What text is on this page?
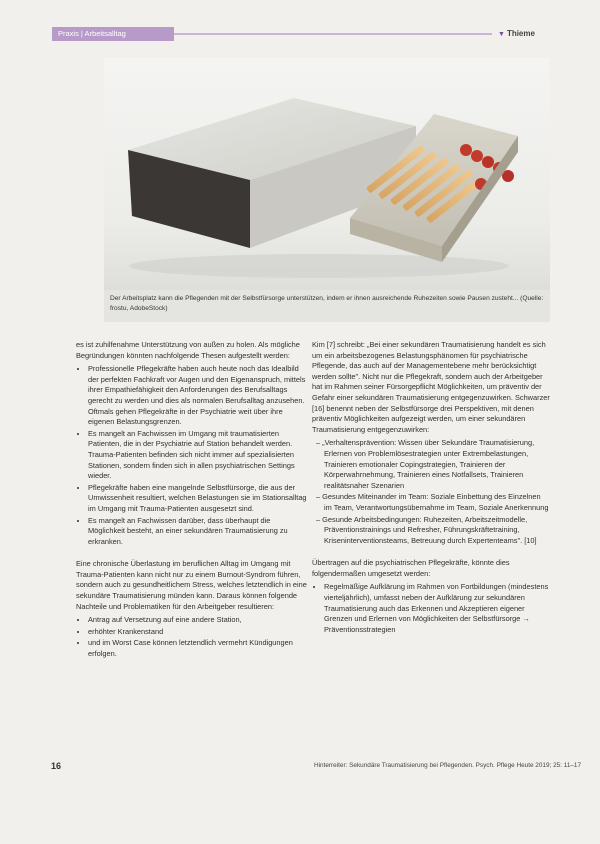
Praxis | Arbeitsalltag	▼ Thieme
Der Arbeitsplatz kann die Pflegenden mit der Selbstfürsorge unterstützen, indem er ihnen ausreichende Ruhezeiten sowie Pausen zusteht... (Quelle: frostu, AdobeStock)

es ist zuhilfenahme Unterstützung von außen zu holen. Als mögliche Begründungen könnten nachfolgende Thesen aufgestellt werden:

• Professionelle Pflegekräfte haben auch heute noch das Idealbild der perfekten Fachkraft vor Augen und den Eigenanspruch, mittels ihrer Empathiefähigkeit den Anforderungen des Berufsalltags gerecht zu werden und dies als normalen Berufsalltag anzusehen. Oftmals gehen Pflegekräfte in der Psychiatrie weit über ihre eigenen Belastungsgrenzen.
• Es mangelt an Fachwissen im Umgang mit traumatisierten Patienten, die in der Psychiatrie auf Station behandelt werden. Trauma-Patienten befinden sich nicht immer auf spezialisierten Stationen, sondern finden sich in allen psychiatrischen Settings wieder.
• Pflegekräfte haben eine mangelnde Selbstfürsorge, die aus der Umwissenheit resultiert, welchen Belastungen sie im Stationsalltag im Umgang mit Trauma-Patienten ausgesetzt sind.
• Es mangelt an Fachwissen darüber, dass überhaupt die Möglichkeit besteht, an einer sekundären Traumatisierung zu erkranken.

Eine chronische Überlastung im beruflichen Alltag im Umgang mit Trauma-Patienten kann nicht nur zu einem Burnout-Syndrom führen, sondern auch zu gesundheitlichem Stress, welches letztendlich in eine sekundäre Traumatisierung münden kann. Daraus können folgende Nachteile und Problematiken für den Arbeitgeber resultieren:

• Antrag auf Versetzung auf eine andere Station,
• erhöhter Krankenstand
• und im Worst Case können letztendlich vermehrt Kündigungen erfolgen.

Kim [7] schreibt: „Bei einer sekundären Traumatisierung handelt es sich um ein arbeitsbezogenes Belastungsphänomen für psychiatrische Pflegende, das auch auf der Managementebene mehr berücksichtigt werden sollte". Nicht nur die Pflegekraft, sondern auch der Arbeitgeber hat im Rahmen seiner Fürsorgepflicht Möglichkeiten, um präventiv der Gefahr einer sekundären Traumatisierung entgegenzuwirken. Schwarzer [16] benennt neben der Selbstfürsorge drei Perspektiven, mit denen präventiv Möglichkeiten aufgezeigt werden, um einer sekundären Traumatisierung entgegenzuwirken:

– „Verhaltensprävention: Wissen über Sekundäre Traumatisierung, Erlernen von Problemlösestrategien unter Extrembelastungen, Trainieren emotionaler Copingstrategien, Trainieren der Körperwahrnehmung, Trainieren eines Notfallsets, Trainieren realitätsnaher Szenarien
– Gesundes Miteinander im Team: Soziale Einbettung des Einzelnen im Team, Verantwortungsübernahme im Team, Soziale Anerkennung
– Gesunde Arbeitsbedingungen: Ruhezeiten, Arbeitszeitmodelle, Präventionstrainings und Refresher, Führungskräftetraining, Kriseninterventionsteams, Betreuung durch Expertenteams". [10]

Übertragen auf die psychiatrischen Pflegekräfte, könnte dies folgendermaßen umgesetzt werden:

• Regelmäßige Aufklärung im Rahmen von Fortbildungen (mindestens vierteljährlich), umfasst neben der Aufklärung zur sekundären Traumatisierung auch das Erkennen und Akzeptieren eigener Grenzen und Erlernen von Möglichkeiten der Selbstfürsorge → Präventionsstrategien
16	Hinterreiter: Sekundäre Traumatisierung bei Pflegenden. Psych. Pflege Heute 2019; 25: 11–17
